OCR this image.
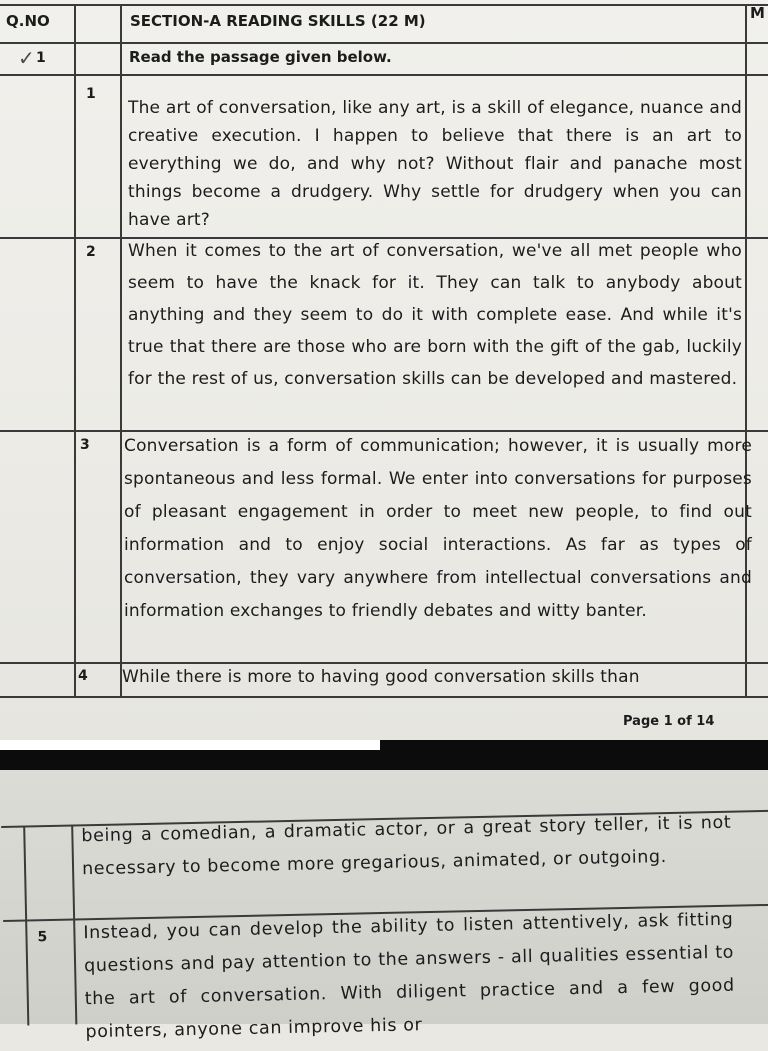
Q.NO	SECTION-A READING SKILLS (22 M)	M
✓ 1	Read the passage given below.
1
The art of conversation, like any art, is a skill of elegance, nuance and creative execution. I happen to believe that there is an art to everything we do, and why not? Without flair and panache most things become a drudgery. Why settle for drudgery when you can have art?
2 When it comes to the art of conversation, we've all met people who seem to have the knack for it. They can talk to anybody about anything and they seem to do it with complete ease. And while it's true that there are those who are born with the gift of the gab, luckily for the rest of us, conversation skills can be developed and mastered.
3 Conversation is a form of communication; however, it is usually more spontaneous and less formal. We enter into conversations for purposes of pleasant engagement in order to meet new people, to find out information and to enjoy social interactions. As far as types of conversation, they vary anywhere from intellectual conversations and information exchanges to friendly debates and witty banter.
4 While there is more to having good conversation skills than
Page 1 of 14
being a comedian, a dramatic actor, or a great story teller, it is not necessary to become more gregarious, animated, or outgoing.
5 Instead, you can develop the ability to listen attentively, ask fitting questions and pay attention to the answers - all qualities essential to the art of conversation. With diligent practice and a few good pointers, anyone can improve his or
